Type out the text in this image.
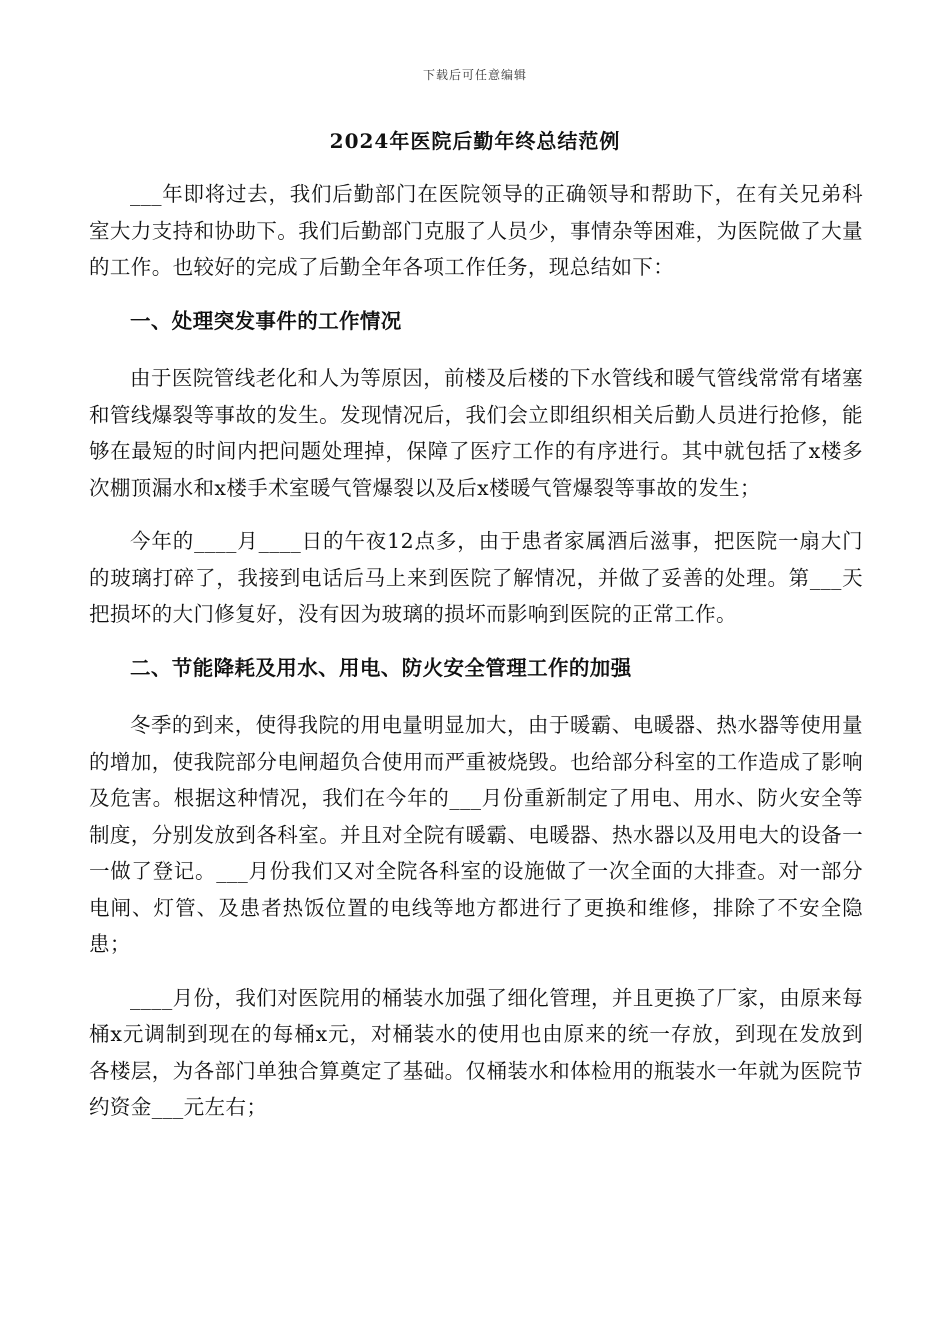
下载后可任意编辑
2024年医院后勤年终总结范例

___年即将过去，我们后勤部门在医院领导的正确领导和帮助下，在有关兄弟科室大力支持和协助下。我们后勤部门克服了人员少，事情杂等困难，为医院做了大量的工作。也较好的完成了后勤全年各项工作任务，现总结如下：

一、处理突发事件的工作情况

由于医院管线老化和人为等原因，前楼及后楼的下水管线和暖气管线常常有堵塞和管线爆裂等事故的发生。发现情况后，我们会立即组织相关后勤人员进行抢修，能够在最短的时间内把问题处理掉，保障了医疗工作的有序进行。其中就包括了x楼多次棚顶漏水和x楼手术室暖气管爆裂以及后x楼暖气管爆裂等事故的发生；

今年的____月____日的午夜12点多，由于患者家属酒后滋事，把医院一扇大门的玻璃打碎了，我接到电话后马上来到医院了解情况，并做了妥善的处理。第___天把损坏的大门修复好，没有因为玻璃的损坏而影响到医院的正常工作。

二、节能降耗及用水、用电、防火安全管理工作的加强

冬季的到来，使得我院的用电量明显加大，由于暖霸、电暖器、热水器等使用量的增加，使我院部分电闸超负合使用而严重被烧毁。也给部分科室的工作造成了影响及危害。根据这种情况，我们在今年的___月份重新制定了用电、用水、防火安全等制度，分别发放到各科室。并且对全院有暖霸、电暖器、热水器以及用电大的设备一一做了登记。___月份我们又对全院各科室的设施做了一次全面的大排查。对一部分电闸、灯管、及患者热饭位置的电线等地方都进行了更换和维修，排除了不安全隐患；

____月份，我们对医院用的桶装水加强了细化管理，并且更换了厂家，由原来每桶x元调制到现在的每桶x元，对桶装水的使用也由原来的统一存放，到现在发放到各楼层，为各部门单独合算奠定了基础。仅桶装水和体检用的瓶装水一年就为医院节约资金___元左右；
